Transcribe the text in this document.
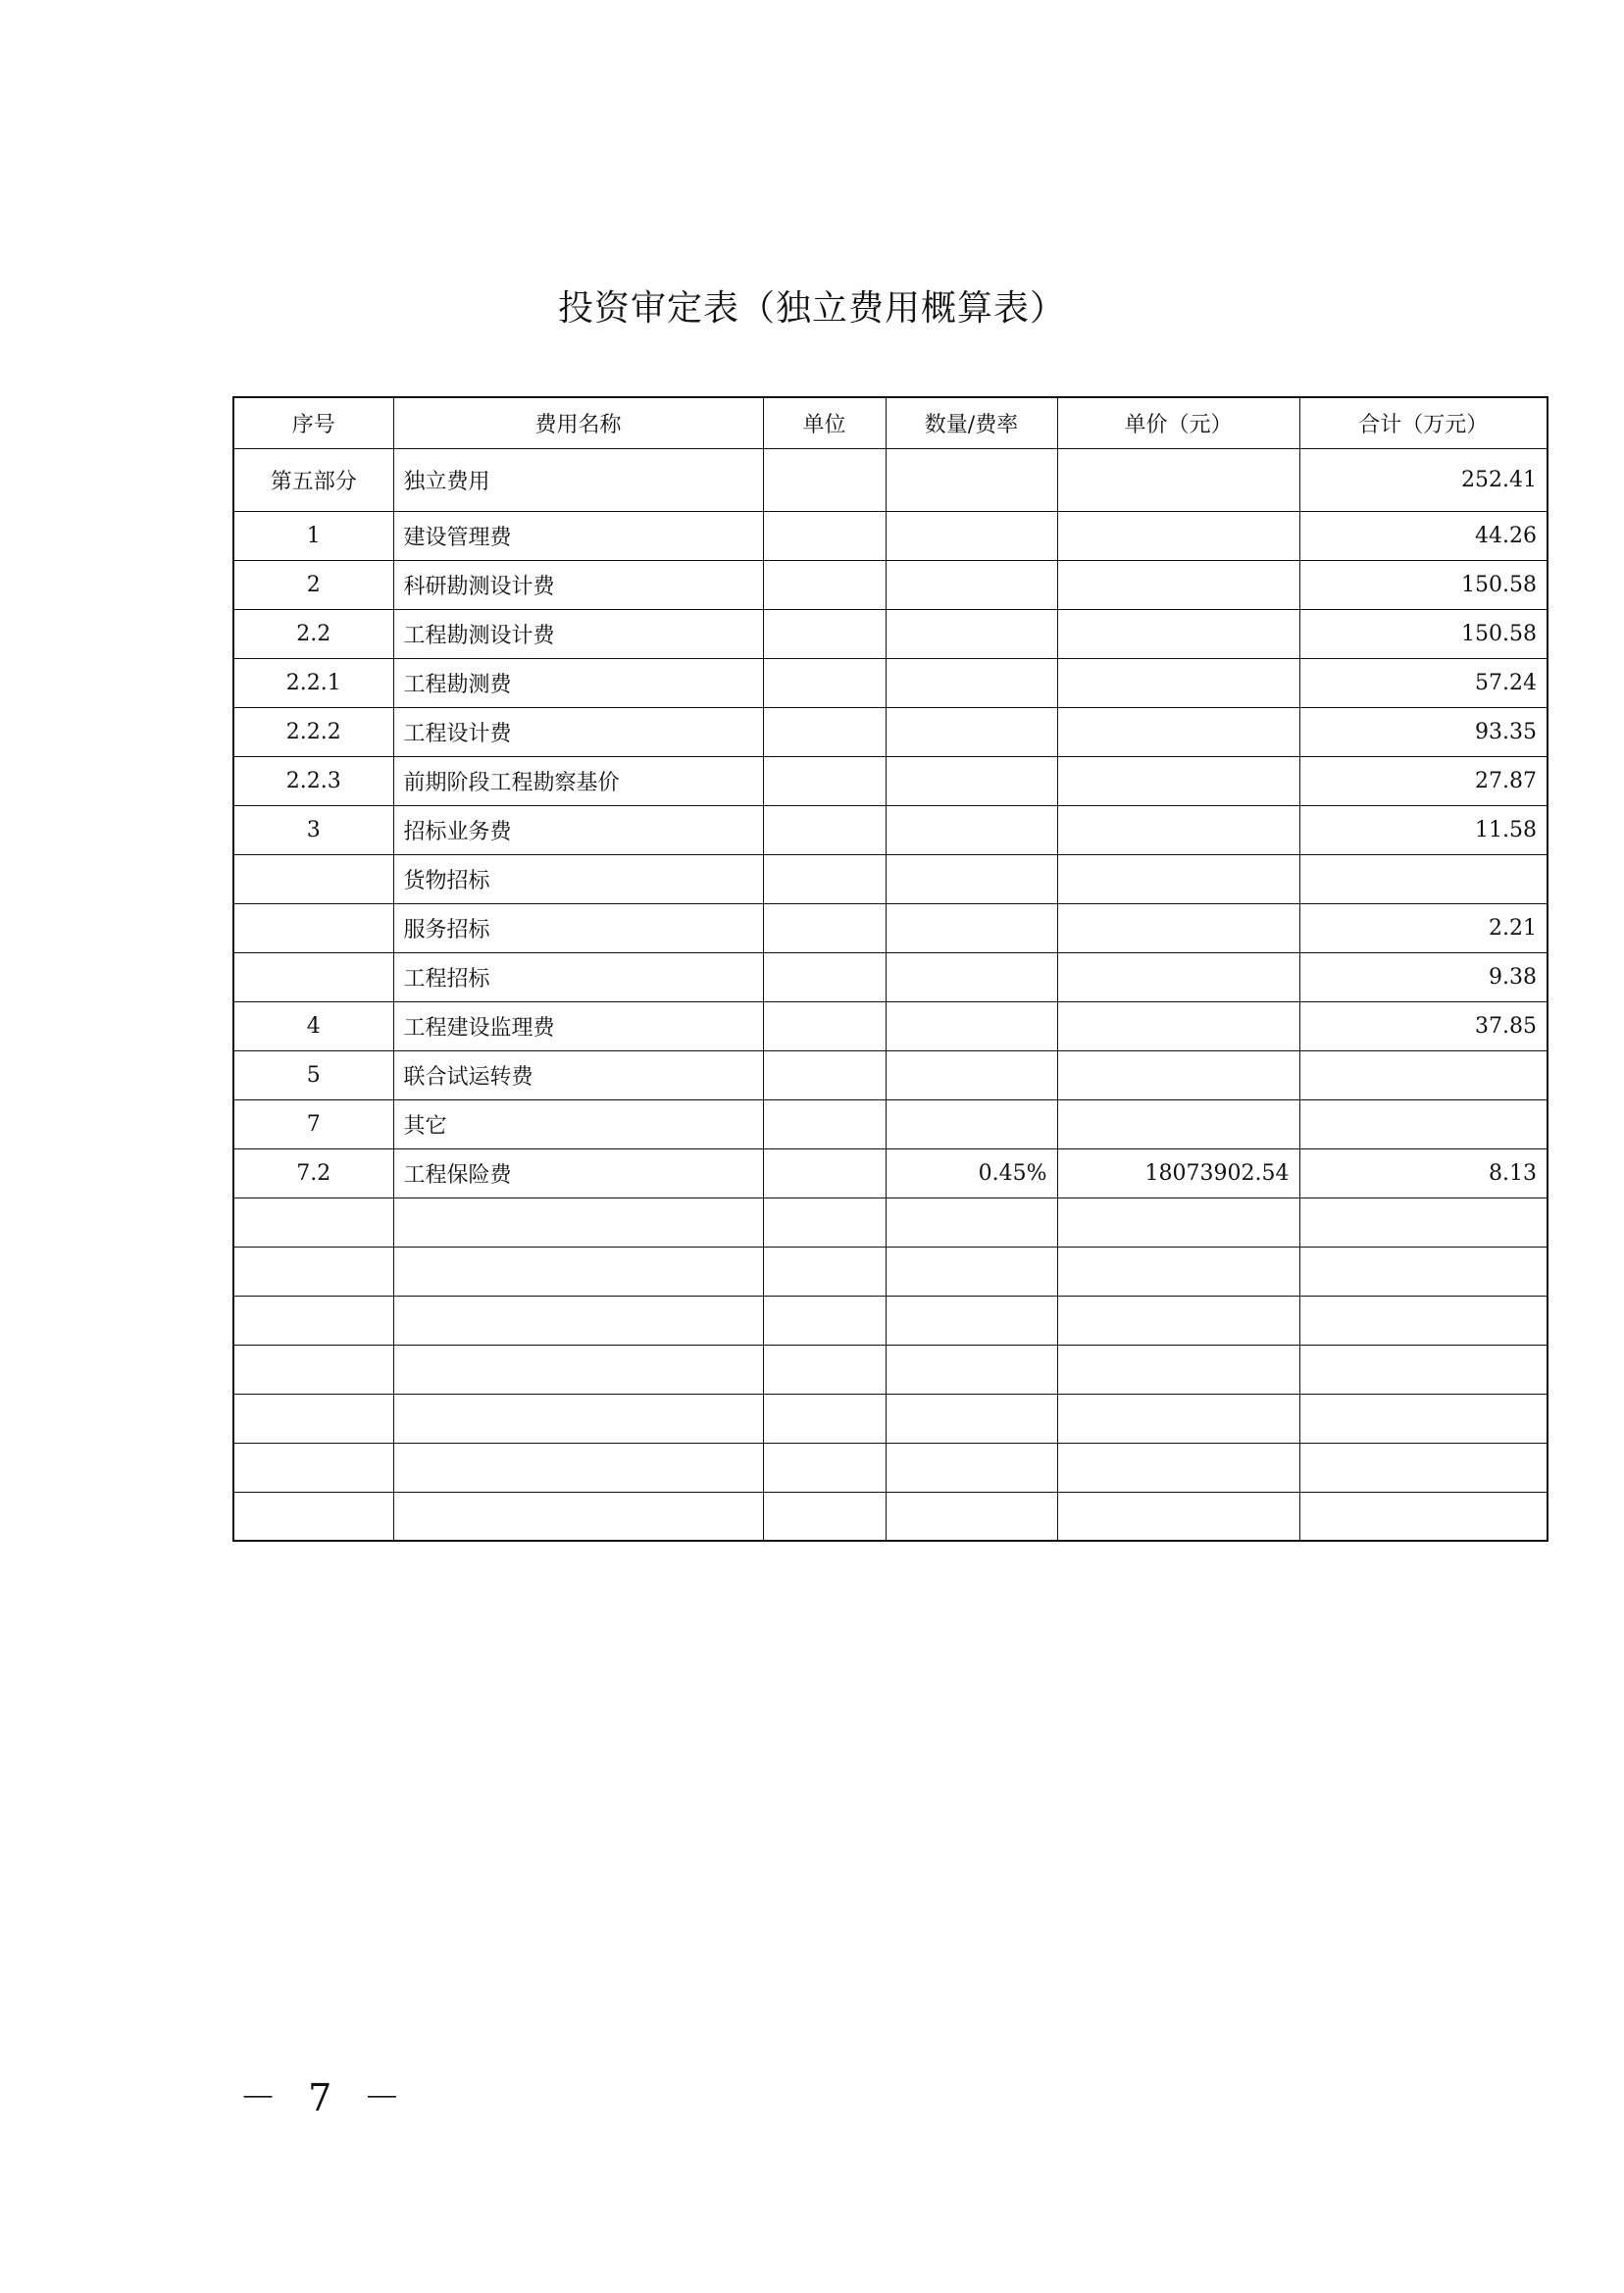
投资审定表（独立费用概算表）
序号	费用名称	单位	数量/费率	单价（元）	合计（万元）
第五部分	独立费用				252.41
1	建设管理费				44.26
2	科研勘测设计费				150.58
2.2	工程勘测设计费				150.58
2.2.1	工程勘测费				57.24
2.2.2	工程设计费				93.35
2.2.3	前期阶段工程勘察基价				27.87
3	招标业务费				11.58
	货物招标				
	服务招标				2.21
	工程招标				9.38
4	工程建设监理费				37.85
5	联合试运转费				
7	其它				
7.2	工程保险费		0.45%	18073902.54	8.13

－ 7 －
